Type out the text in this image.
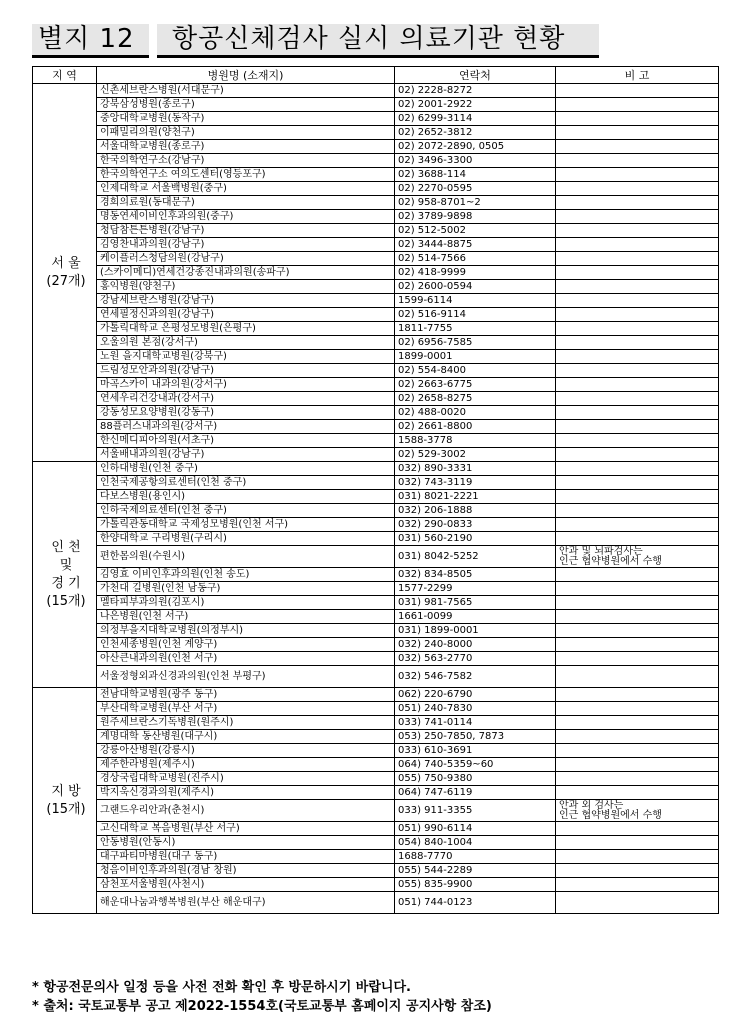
별지 12 항공신체검사 실시 의료기관 현황
지 역	병원명 (소재지)	연락처	비 고

서 울
(27개)	신촌세브란스병원(서대문구)	02) 2228-8272	
	강북삼성병원(종로구)	02) 2001-2922	
	중앙대학교병원(동작구)	02) 6299-3114	
	이패밀리의원(양천구)	02) 2652-3812	
	서울대학교병원(종로구)	02) 2072-2890, 0505	
	한국의학연구소(강남구)	02) 3496-3300	
	한국의학연구소 여의도센터(영등포구)	02) 3688-114	
	인제대학교 서울백병원(중구)	02) 2270-0595	
	경희의료원(동대문구)	02) 958-8701~2	
	명동연세이비인후과의원(중구)	02) 3789-9898	
	청담참튼튼병원(강남구)	02) 512-5002	
	김영찬내과의원(강남구)	02) 3444-8875	
	케이플러스청담의원(강남구)	02) 514-7566	
	(스카이메디)연세건강종진내과의원(송파구)	02) 418-9999	
	홍익병원(양천구)	02) 2600-0594	
	강남세브란스병원(강남구)	1599-6114	
	연세필정신과의원(강남구)	02) 516-9114	
	가톨릭대학교 은평성모병원(은평구)	1811-7755	
	오울의원 본점(강서구)	02) 6956-7585	
	노원 을지대학교병원(강북구)	1899-0001	
	드림성모안과의원(강남구)	02) 554-8400	
	마곡스카이 내과의원(강서구)	02) 2663-6775	
	연세우리건강내과(강서구)	02) 2658-8275	
	강동성모요양병원(강동구)	02) 488-0020	
	88플러스내과의원(강서구)	02) 2661-8800	
	한신메디피아의원(서초구)	1588-3778	
	서울배내과의원(강남구)	02) 529-3002	

인 천
및
경 기
(15개)	인하대병원(인천 중구)	032) 890-3331	
	인천국제공항의료센터(인천 중구)	032) 743-3119	
	다보스병원(용인시)	031) 8021-2221	
	인하국제의료센터(인천 중구)	032) 206-1888	
	가톨릭관동대학교 국제성모병원(인천 서구)	032) 290-0833	
	한양대학교 구리병원(구리시)	031) 560-2190	
	편한몸의원(수원시)	031) 8042-5252	안과 및 뇌파검사는
인근 협약병원에서 수행

	김영효 이비인후과의원(인천 송도)	032) 834-8505	
	가천대 길병원(인천 남동구)	1577-2299	
	멜타피부과의원(김포시)	031) 981-7565	
	나은병원(인천 서구)	1661-0099	
	의정부을지대학교병원(의정부시)	031) 1899-0001	
	인천세종병원(인천 계양구)	032) 240-8000	
	아산큰내과의원(인천 서구)	032) 563-2770	
	서울정형외과신경과의원(인천 부평구)	032) 546-7582	

지 방
(15개)	전남대학교병원(광주 동구)	062) 220-6790	
	부산대학교병원(부산 서구)	051) 240-7830	
	원주세브란스기독병원(원주시)	033) 741-0114	
	계명대학 동산병원(대구시)	053) 250-7850, 7873	
	강릉아산병원(강릉시)	033) 610-3691	
	제주한라병원(제주시)	064) 740-5359~60	
	경상국립대학교병원(진주시)	055) 750-9380	
	박지욱신경과의원(제주시)	064) 747-6119	
	그랜드우리안과(춘천시)	033) 911-3355	안과 외 검사는
인근 협약병원에서 수행

	고신대학교 복음병원(부산 서구)	051) 990-6114	
	안동병원(안동시)	054) 840-1004	
	대구파티마병원(대구 동구)	1688-7770	
	청음이비인후과의원(경남 창원)	055) 544-2289	
	삼천포서울병원(사천시)	055) 835-9900	
	해운대나눔과행복병원(부산 해운대구)	051) 744-0123	
* 항공전문의사 일정 등을 사전 전화 확인 후 방문하시기 바랍니다.
* 출처: 국토교통부 공고 제2022-1554호(국토교통부 홈페이지 공지사항 참조)
